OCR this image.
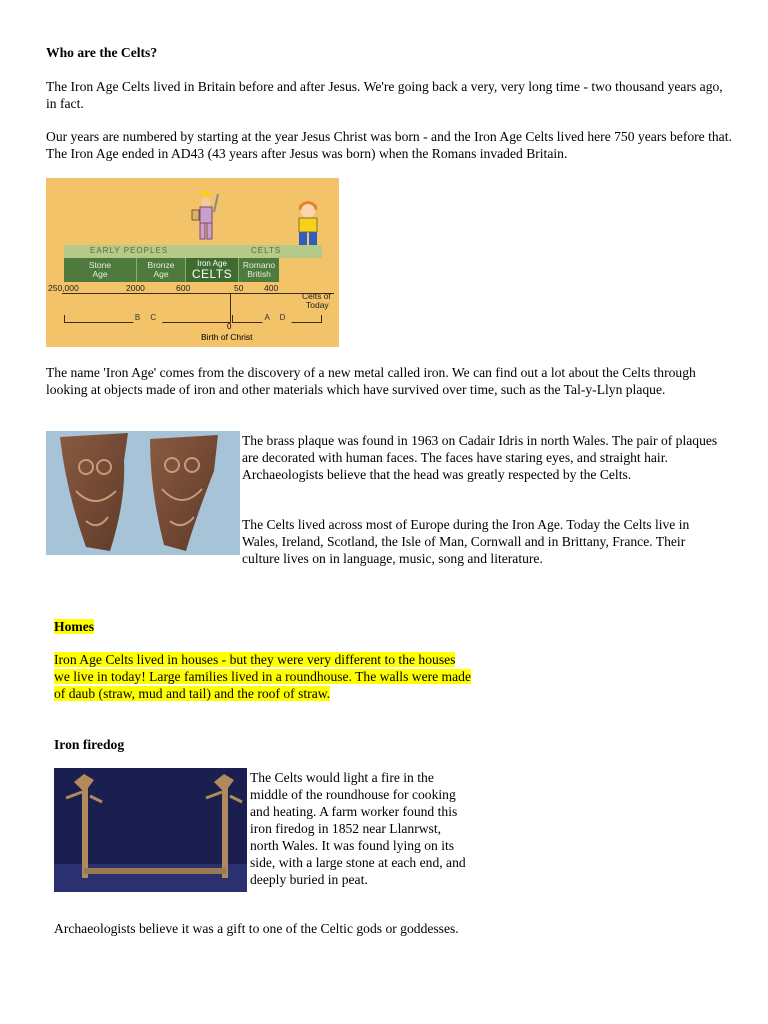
Who are the Celts?

The Iron Age Celts lived in Britain before and after Jesus. We're going back a very, very long time - two thousand years ago, in fact.

Our years are numbered by starting at the year Jesus Christ was born - and the Iron Age Celts lived here 750 years before that. The Iron Age ended in AD43 (43 years after Jesus was born) when the Romans invaded Britain.

EARLY PEOPLES	CELTS
Stone
Age
Bronze
Age
Iron Age
CELTS
Romano
British
250,000	2000	600	50 400
Celts of
Today
B C	A D
0
Birth of Christ

The name 'Iron Age' comes from the discovery of a new metal called iron. We can find out a lot about the Celts through looking at objects made of iron and other materials which have survived over time, such as the Tal-y-Llyn plaque.

The brass plaque was found in 1963 on Cadair Idris in north Wales. The pair of plaques are decorated with human faces. The faces have staring eyes, and straight hair. Archaeologists believe that the head was greatly respected by the Celts.

The Celts lived across most of Europe during the Iron Age. Today the Celts live in Wales, Ireland, Scotland, the Isle of Man, Cornwall and in Brittany, France. Their culture lives on in language, music, song and literature.

Homes

Iron Age Celts lived in houses - but they were very different to the houses we live in today! Large families lived in a roundhouse. The walls were made of daub (straw, mud and tail) and the roof of straw.

Iron firedog

The Celts would light a fire in the middle of the roundhouse for cooking and heating. A farm worker found this iron firedog in 1852 near Llanrwst, north Wales. It was found lying on its side, with a large stone at each end, and deeply buried in peat.

Archaeologists believe it was a gift to one of the Celtic gods or goddesses.
